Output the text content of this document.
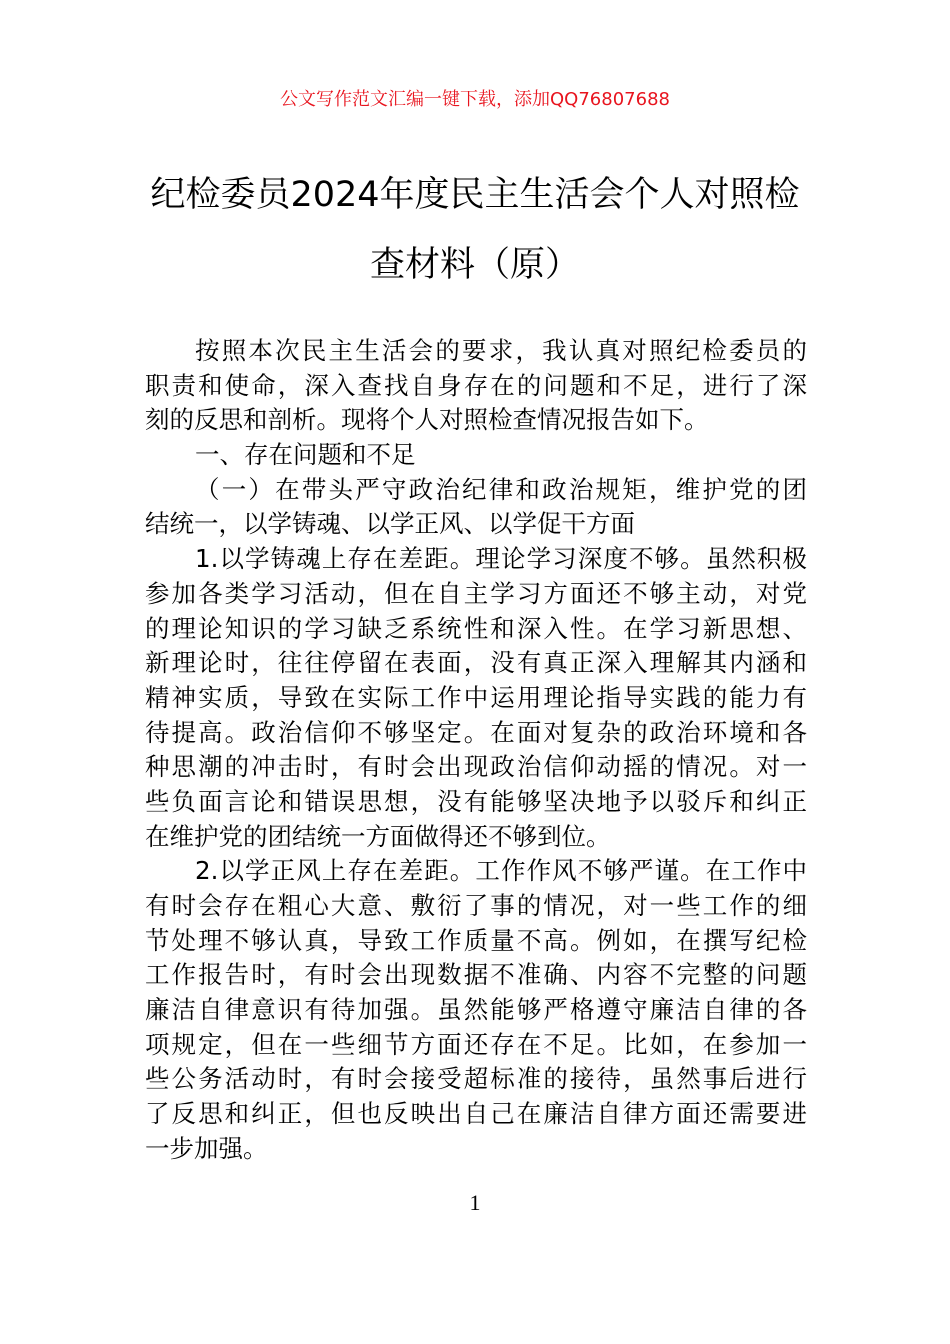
公文写作范文汇编一键下载，添加QQ76807688
纪检委员2024年度民主生活会个人对照检
查材料（原）
按照本次民主生活会的要求，我认真对照纪检委员的
职责和使命，深入查找自身存在的问题和不足，进行了深
刻的反思和剖析。现将个人对照检查情况报告如下。
一、存在问题和不足
（一）在带头严守政治纪律和政治规矩，维护党的团
结统一，以学铸魂、以学正风、以学促干方面
1.以学铸魂上存在差距。理论学习深度不够。虽然积极
参加各类学习活动，但在自主学习方面还不够主动，对党
的理论知识的学习缺乏系统性和深入性。在学习新思想、
新理论时，往往停留在表面，没有真正深入理解其内涵和
精神实质，导致在实际工作中运用理论指导实践的能力有
待提高。政治信仰不够坚定。在面对复杂的政治环境和各
种思潮的冲击时，有时会出现政治信仰动摇的情况。对一
些负面言论和错误思想，没有能够坚决地予以驳斥和纠正
在维护党的团结统一方面做得还不够到位。
2.以学正风上存在差距。工作作风不够严谨。在工作中
有时会存在粗心大意、敷衍了事的情况，对一些工作的细
节处理不够认真，导致工作质量不高。例如，在撰写纪检
工作报告时，有时会出现数据不准确、内容不完整的问题
廉洁自律意识有待加强。虽然能够严格遵守廉洁自律的各
项规定，但在一些细节方面还存在不足。比如，在参加一
些公务活动时，有时会接受超标准的接待，虽然事后进行
了反思和纠正，但也反映出自己在廉洁自律方面还需要进
一步加强。
1
